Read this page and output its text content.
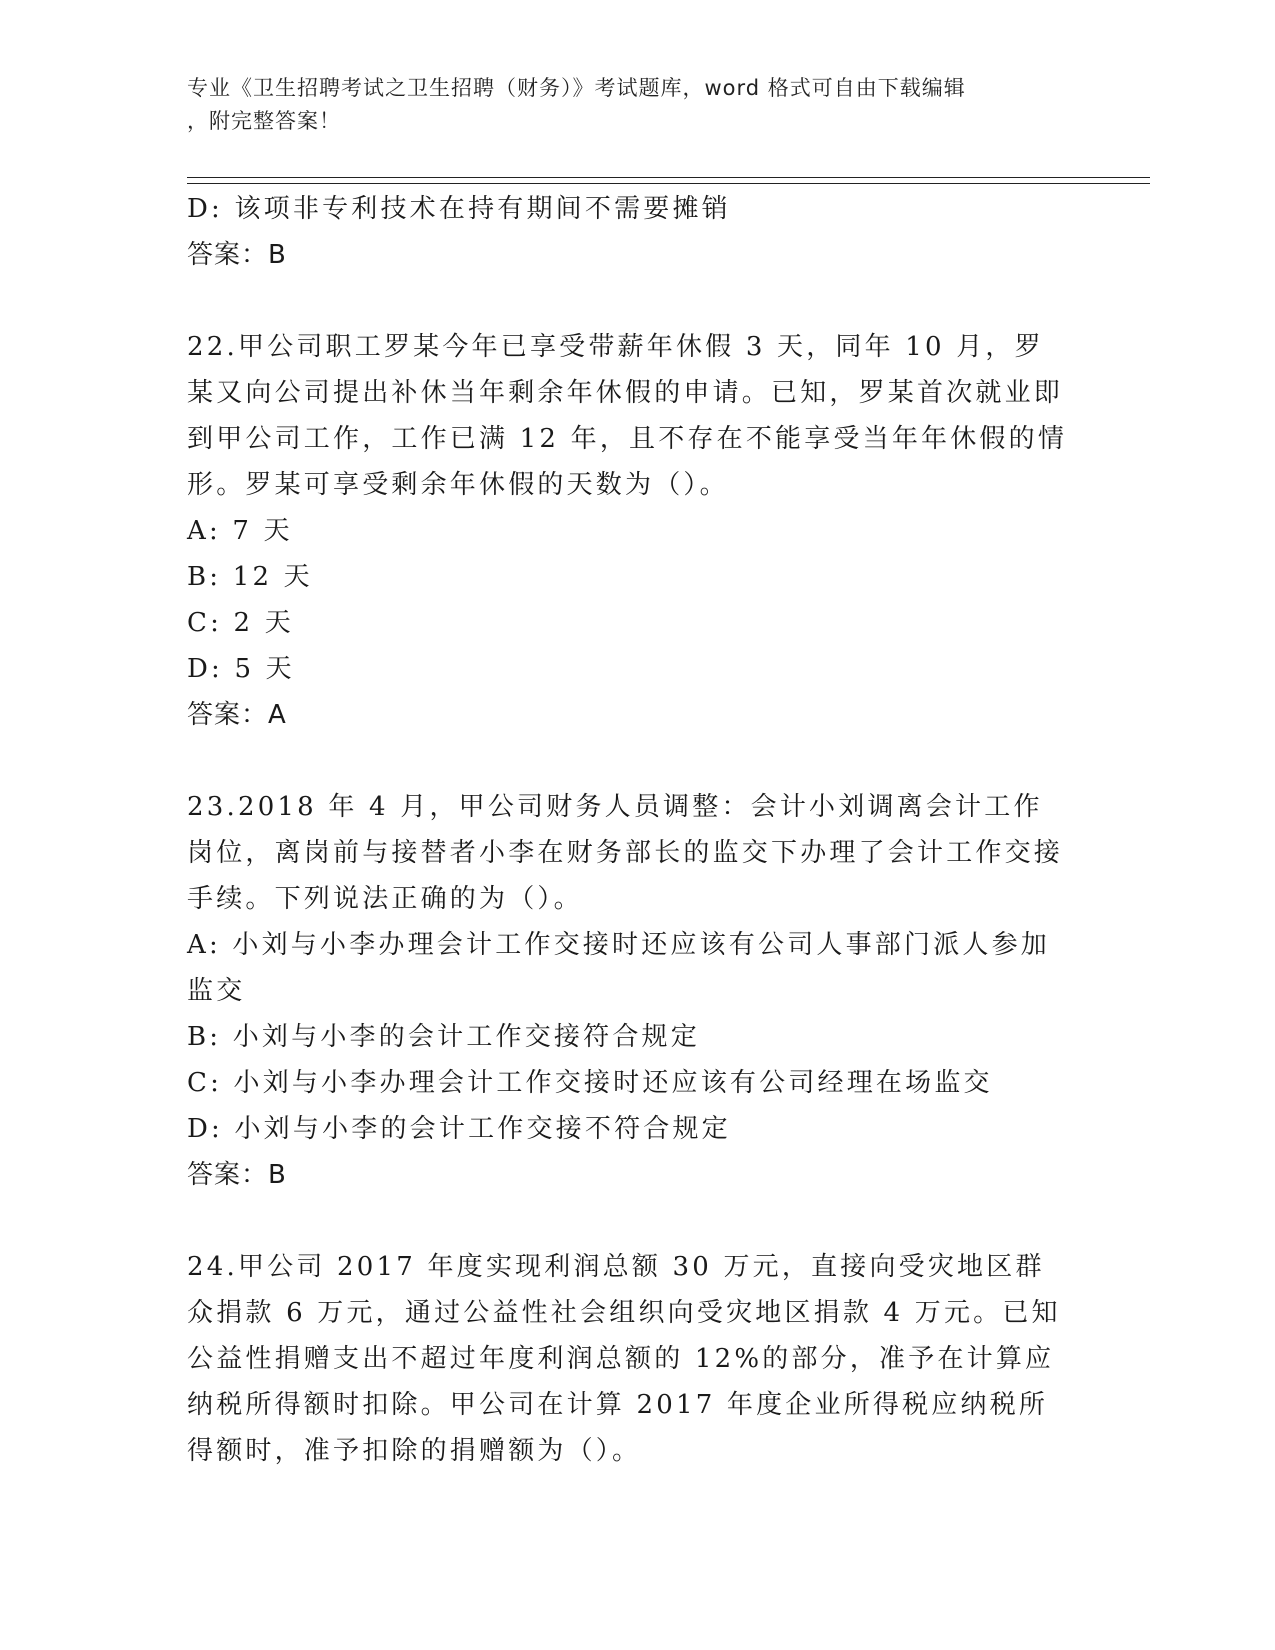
专业《卫生招聘考试之卫生招聘（财务）》考试题库，word 格式可自由下载编辑
，附完整答案！

D: 该项非专利技术在持有期间不需要摊销

答案：B

22.甲公司职工罗某今年已享受带薪年休假 3 天，同年 10 月，罗某又向公司提出补休当年剩余年休假的申请。已知，罗某首次就业即到甲公司工作，工作已满 12 年，且不存在不能享受当年年休假的情形。罗某可享受剩余年休假的天数为（）。

A: 7 天

B: 12 天

C: 2 天

D: 5 天

答案：A

23.2018 年 4 月，甲公司财务人员调整：会计小刘调离会计工作岗位，离岗前与接替者小李在财务部长的监交下办理了会计工作交接手续。下列说法正确的为（）。

A: 小刘与小李办理会计工作交接时还应该有公司人事部门派人参加监交

B: 小刘与小李的会计工作交接符合规定

C: 小刘与小李办理会计工作交接时还应该有公司经理在场监交

D: 小刘与小李的会计工作交接不符合规定

答案：B

24.甲公司 2017 年度实现利润总额 30 万元，直接向受灾地区群众捐款 6 万元，通过公益性社会组织向受灾地区捐款 4 万元。已知公益性捐赠支出不超过年度利润总额的 12%的部分，准予在计算应纳税所得额时扣除。甲公司在计算 2017 年度企业所得税应纳税所得额时，准予扣除的捐赠额为（）。
